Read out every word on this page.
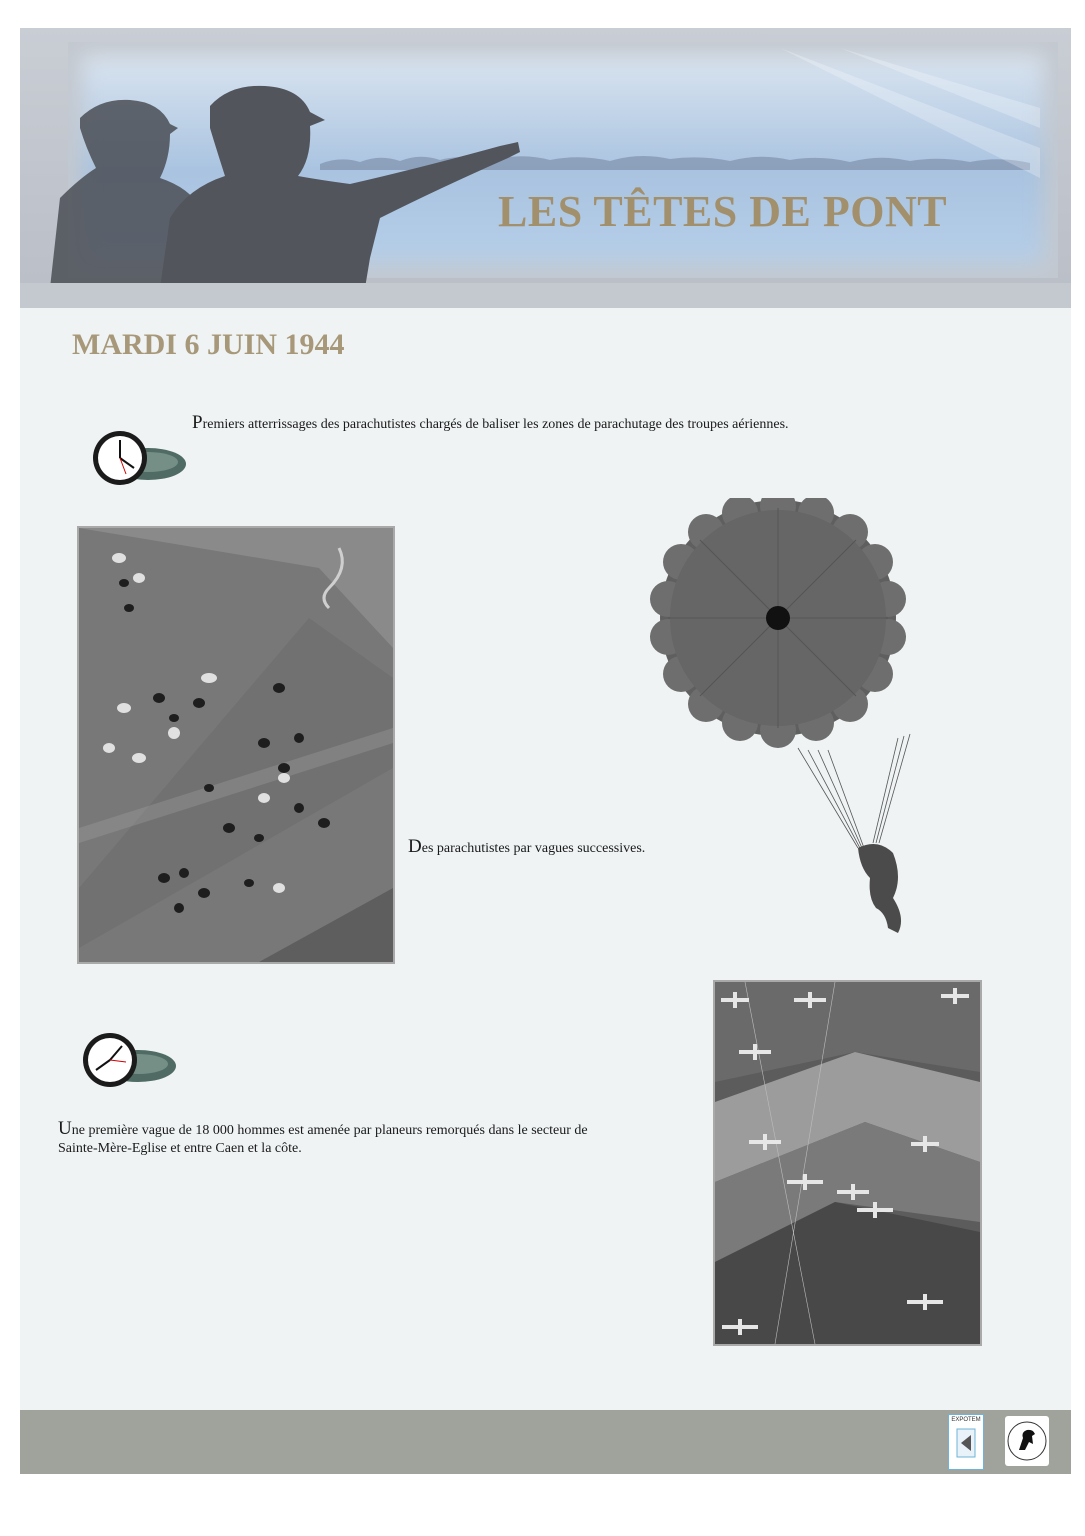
LES TÊTES DE PONT
MARDI 6 JUIN 1944
Premiers atterrissages des parachutistes chargés de baliser les zones de parachutage des troupes aériennes.
Des parachutistes par vagues successives.
Une première vague de 18 000 hommes est amenée par planeurs remorqués dans le secteur de
Sainte-Mère-Eglise et entre Caen et la côte.
EXPOTEM
